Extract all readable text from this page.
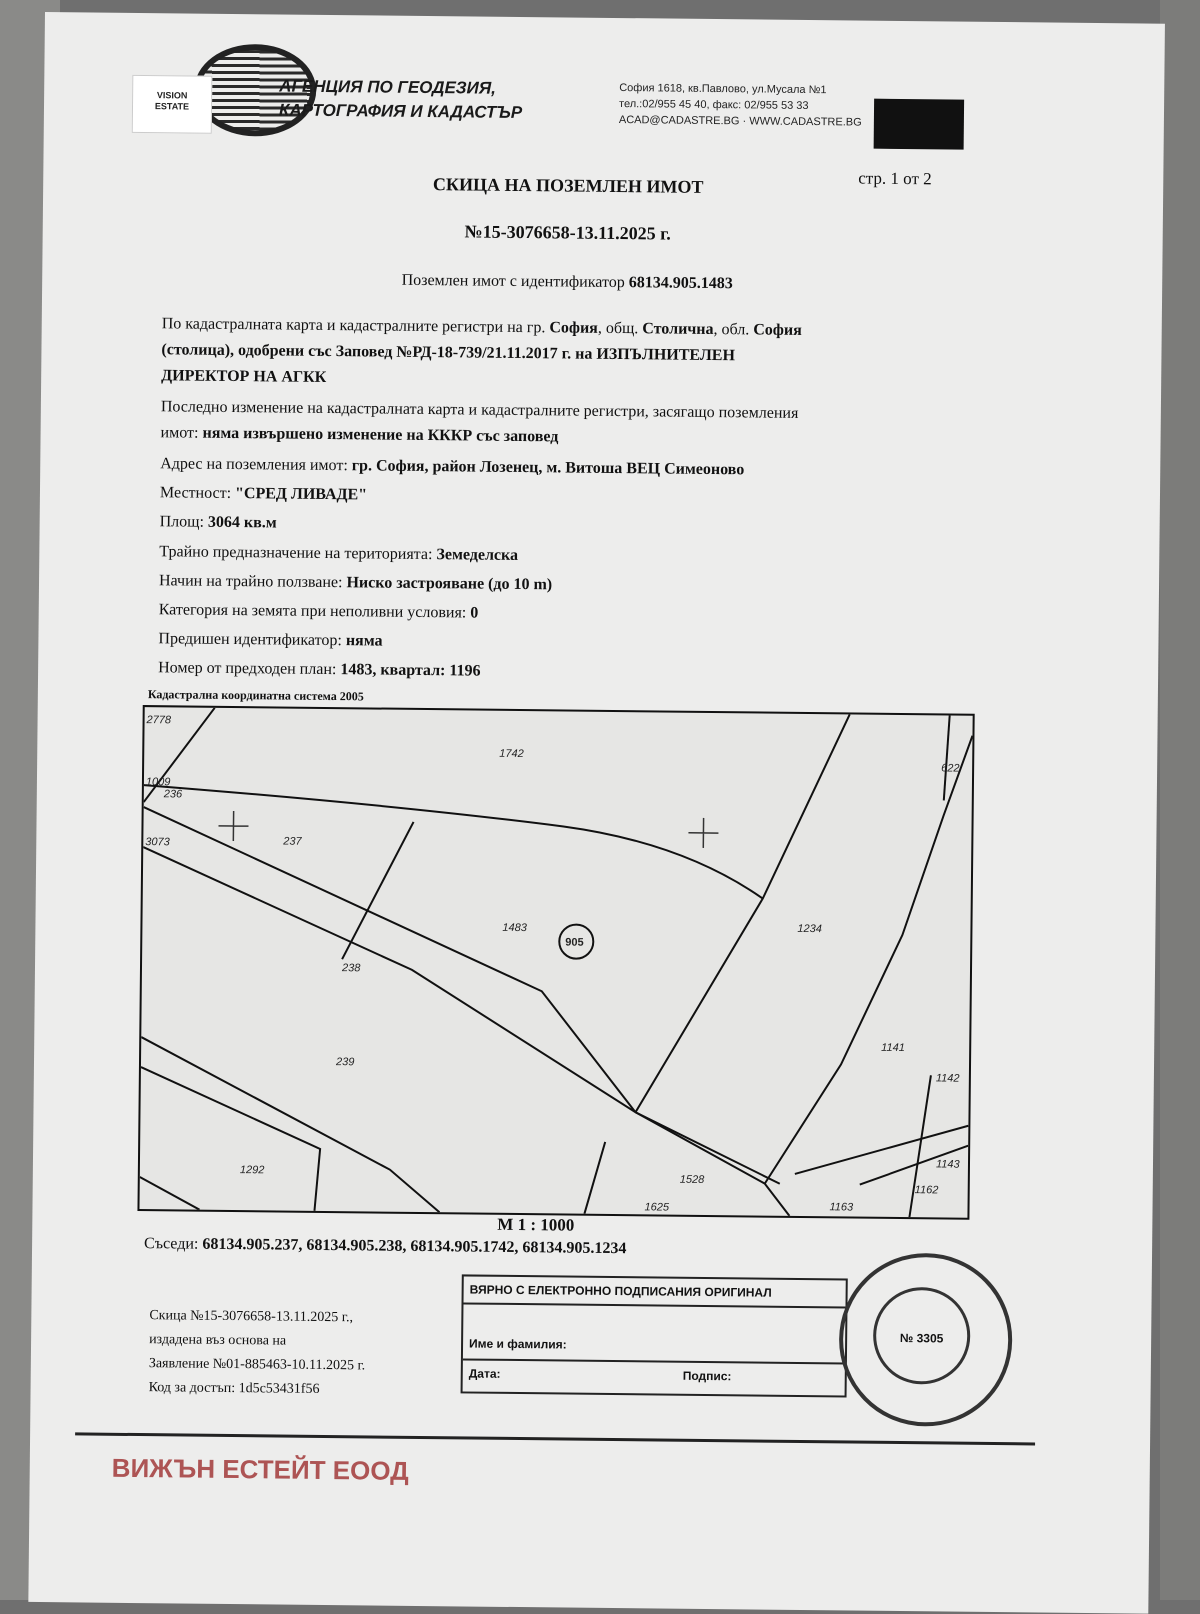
VISION
ESTATE
АГЕНЦИЯ ПО ГЕОДЕЗИЯ,
КАРТОГРАФИЯ И КАДАСТЪР
София 1618, кв.Павлово, ул.Мусала №1
тел.:02/955 45 40, факс: 02/955 53 33
ACAD@CADASTRE.BG · WWW.CADASTRE.BG
стр. 1 от 2
СКИЦА НА ПОЗЕМЛЕН ИМОТ
№15-3076658-13.11.2025 г.
Поземлен имот с идентификатор 68134.905.1483
По кадастралната карта и кадастралните регистри на гр. София, общ. Столична, обл. София
(столица), одобрени със Заповед №РД-18-739/21.11.2017 г. на ИЗПЪЛНИТЕЛЕН
ДИРЕКТОР НА АГКК
Последно изменение на кадастралната карта и кадастралните регистри, засягащо поземления
имот: няма извършено изменение на КККР със заповед
Адрес на поземления имот: гр. София, район Лозенец, м. Витоша ВЕЦ Симеоново
Местност: "СРЕД ЛИВАДЕ"
Площ: 3064 кв.м
Трайно предназначение на територията: Земеделска
Начин на трайно ползване: Ниско застрояване (до 10 m)
Категория на земята при неполивни условия: 0
Предишен идентификатор: няма
Номер от предходен план: 1483, квартал: 1196
Кадастрална координатна система 2005
2778
1742
622
1009
236
237
3073
1483
905
1234
238
239
1141
1142
1292
1528
1625	1163
1143
1162
М 1 : 1000
Съседи: 68134.905.237, 68134.905.238, 68134.905.1742, 68134.905.1234
ВЯРНО С ЕЛЕКТРОННО ПОДПИСАНИЯ ОРИГИНАЛ
Име и фамилия:
Дата:	Подпис:
№ 3305
Скица №15-3076658-13.11.2025 г.,
издадена въз основа на
Заявление №01-885463-10.11.2025 г.
Код за достъп: 1d5c53431f56
ВИЖЪН ЕСТЕЙТ ЕООД
